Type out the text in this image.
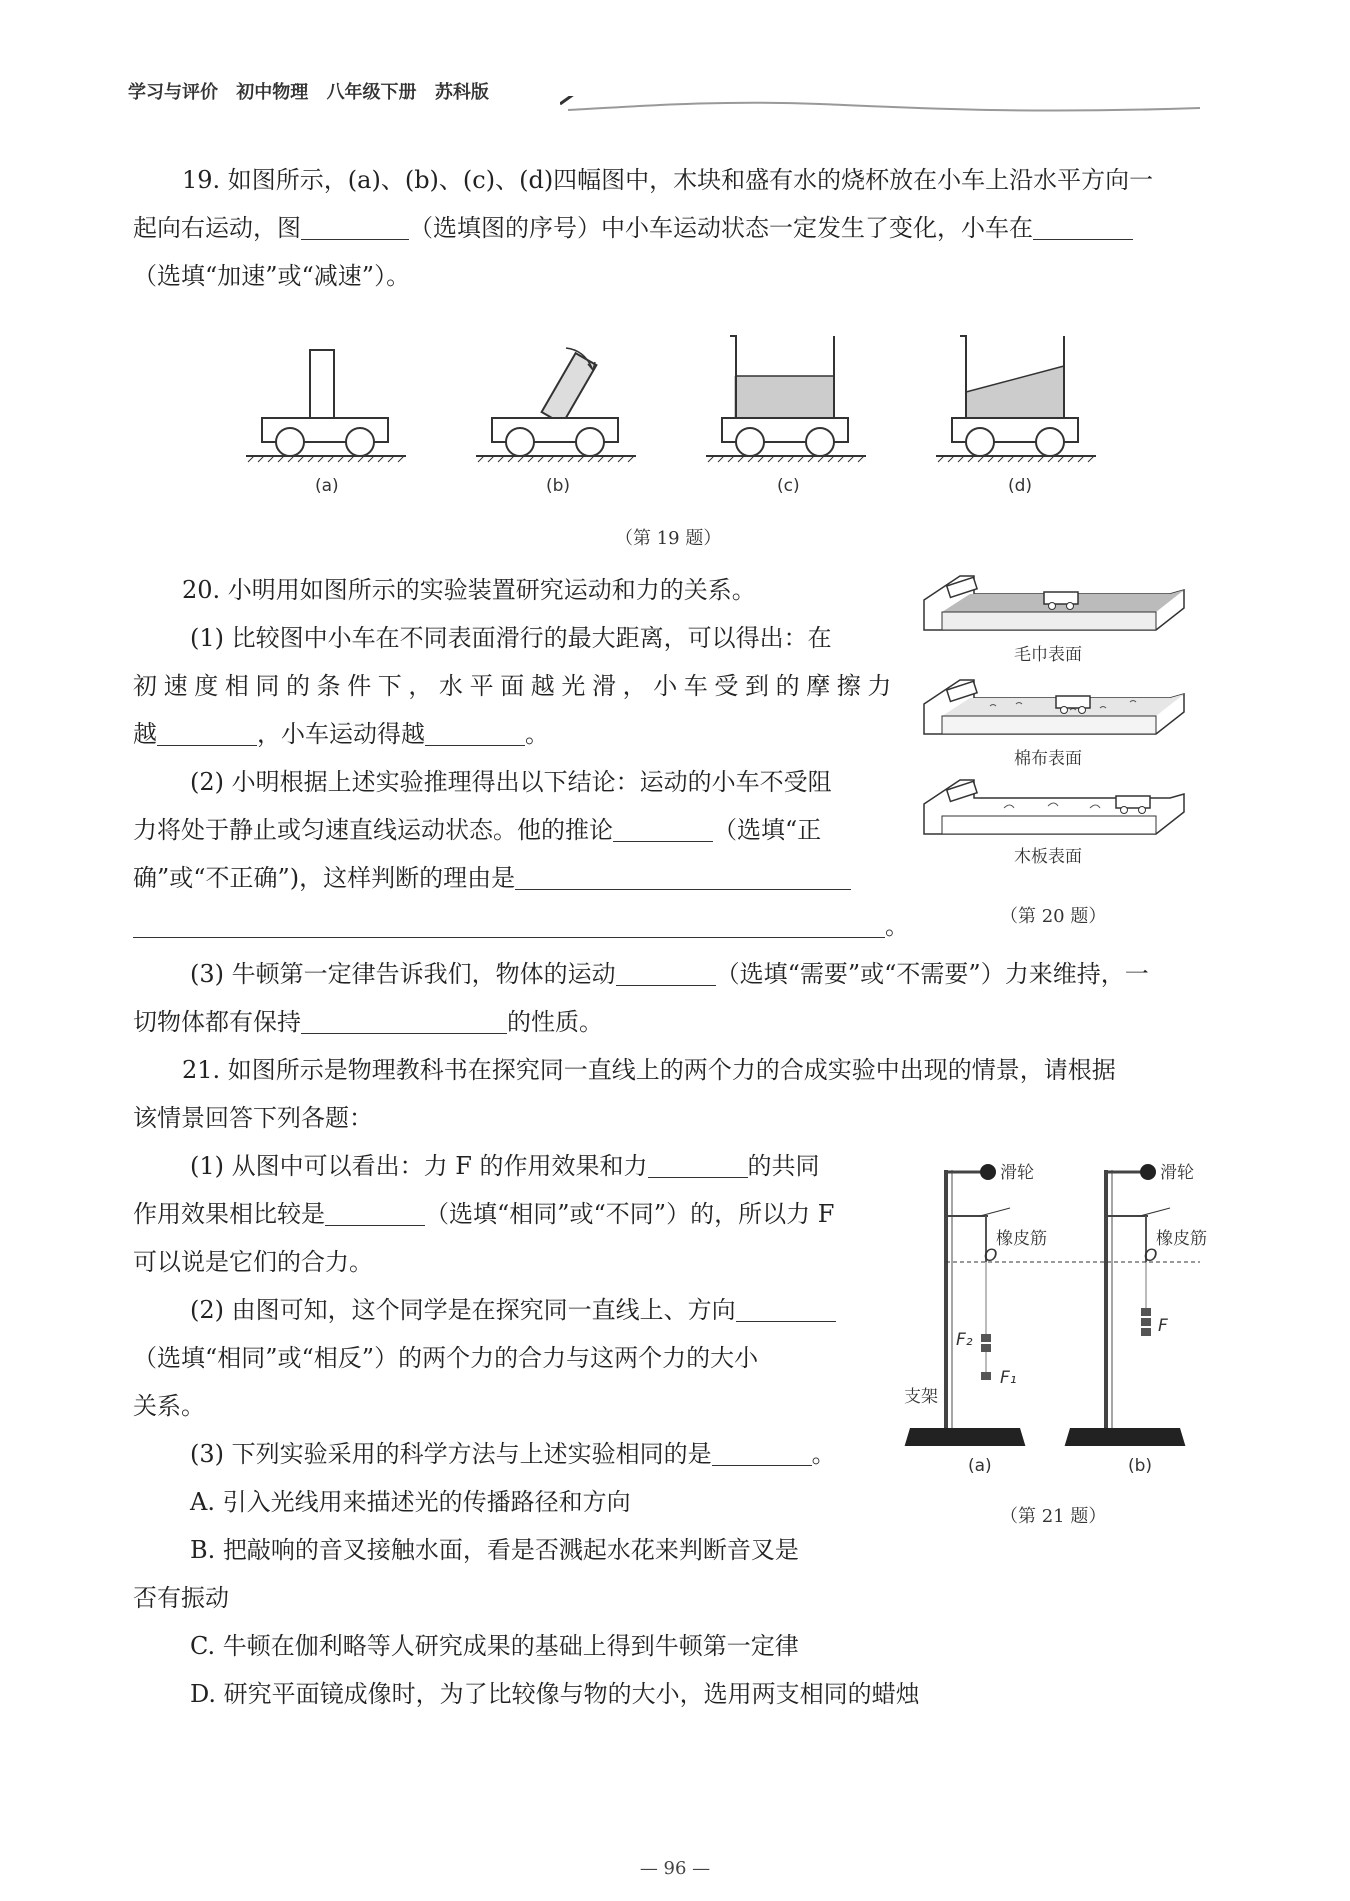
学习与评价 初中物理 八年级下册 苏科版
19. 如图所示，(a)、(b)、(c)、(d)四幅图中，木块和盛有水的烧杯放在小车上沿水平方向一
起向右运动，图	（选填图的序号）中小车运动状态一定发生了变化，小车在
（选填“加速”或“减速”）。
(a)	(b)	(c)	(d)
（第 19 题）
20. 小明用如图所示的实验装置研究运动和力的关系。
(1) 比较图中小车在不同表面滑行的最大距离，可以得出：在
初速度相同的条件下，水平面越光滑，小车受到的摩擦力
越	，小车运动得越	。
(2) 小明根据上述实验推理得出以下结论：运动的小车不受阻
力将处于静止或匀速直线运动状态。他的推论	（选填“正
确”或“不正确”)，这样判断的理由是
。
(3) 牛顿第一定律告诉我们，物体的运动	（选填“需要”或“不需要”）力来维持，一
切物体都有保持	的性质。
毛巾表面
棉布表面
木板表面
（第 20 题）
21. 如图所示是物理教科书在探究同一直线上的两个力的合成实验中出现的情景，请根据
该情景回答下列各题：
(1) 从图中可以看出：力 F 的作用效果和力	的共同
作用效果相比较是	（选填“相同”或“不同”）的，所以力 F
可以说是它们的合力。
(2) 由图可知，这个同学是在探究同一直线上、方向
（选填“相同”或“相反”）的两个力的合力与这两个力的大小
关系。
(3) 下列实验采用的科学方法与上述实验相同的是	。
A. 引入光线用来描述光的传播路径和方向
B. 把敲响的音叉接触水面，看是否溅起水花来判断音叉是
否有振动
C. 牛顿在伽利略等人研究成果的基础上得到牛顿第一定律
D. 研究平面镜成像时，为了比较像与物的大小，选用两支相同的蜡烛
滑轮	滑轮
橡皮筋	橡皮筋
O	O
F₂
F₁
F
支架
(a)	(b)
（第 21 题）
— 96 —
